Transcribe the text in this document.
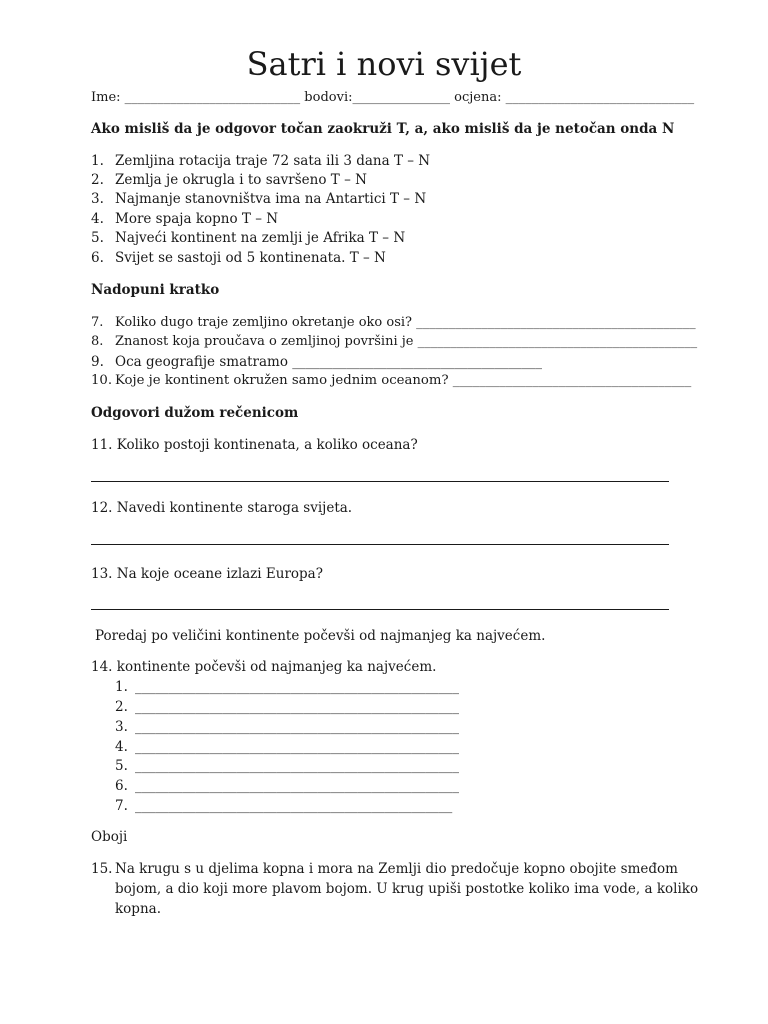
Satri i novi svijet
Ime: ___________________________ bodovi:_______________ ocjena: _____________________________
Ako misliš da je odgovor točan zaokruži T, a, ako misliš da je netočan onda N
1. Zemljina rotacija traje 72 sata ili 3 dana T – N
2. Zemlja je okrugla i to savršeno T – N
3. Najmanje stanovništva ima na Antartici T – N
4. More spaja kopno T – N
5. Najveći kontinent na zemlji je Afrika T – N
6. Svijet se sastoji od 5 kontinenata. T – N
Nadopuni kratko
7. Koliko dugo traje zemljino okretanje oko osi? ___________________________________________
8. Znanost koja proučava o zemljinoj površini je ___________________________________________
9. Oca geografije smatramo _____________________________________
10. Koje je kontinent okružen samo jednim oceanom? ____________________________________
Odgovori dužom rečenicom
11. Koliko postoji kontinenata, a koliko oceana?
12. Navedi kontinente staroga svijeta.
13. Na koje oceane izlazi Europa?
Poredaj po veličini kontinente počevši od najmanjeg ka najvećem.
14. kontinente počevši od najmanjeg ka najvećem.
1. ________________________________________________
2. ________________________________________________
3. ________________________________________________
4. ________________________________________________
5. ________________________________________________
6. ________________________________________________
7. _______________________________________________
Oboji
15. Na krugu s u djelima kopna i mora na Zemlji dio predočuje kopno obojite smeđom
bojom, a dio koji more plavom bojom. U krug upiši postotke koliko ima vode, a koliko
kopna.
